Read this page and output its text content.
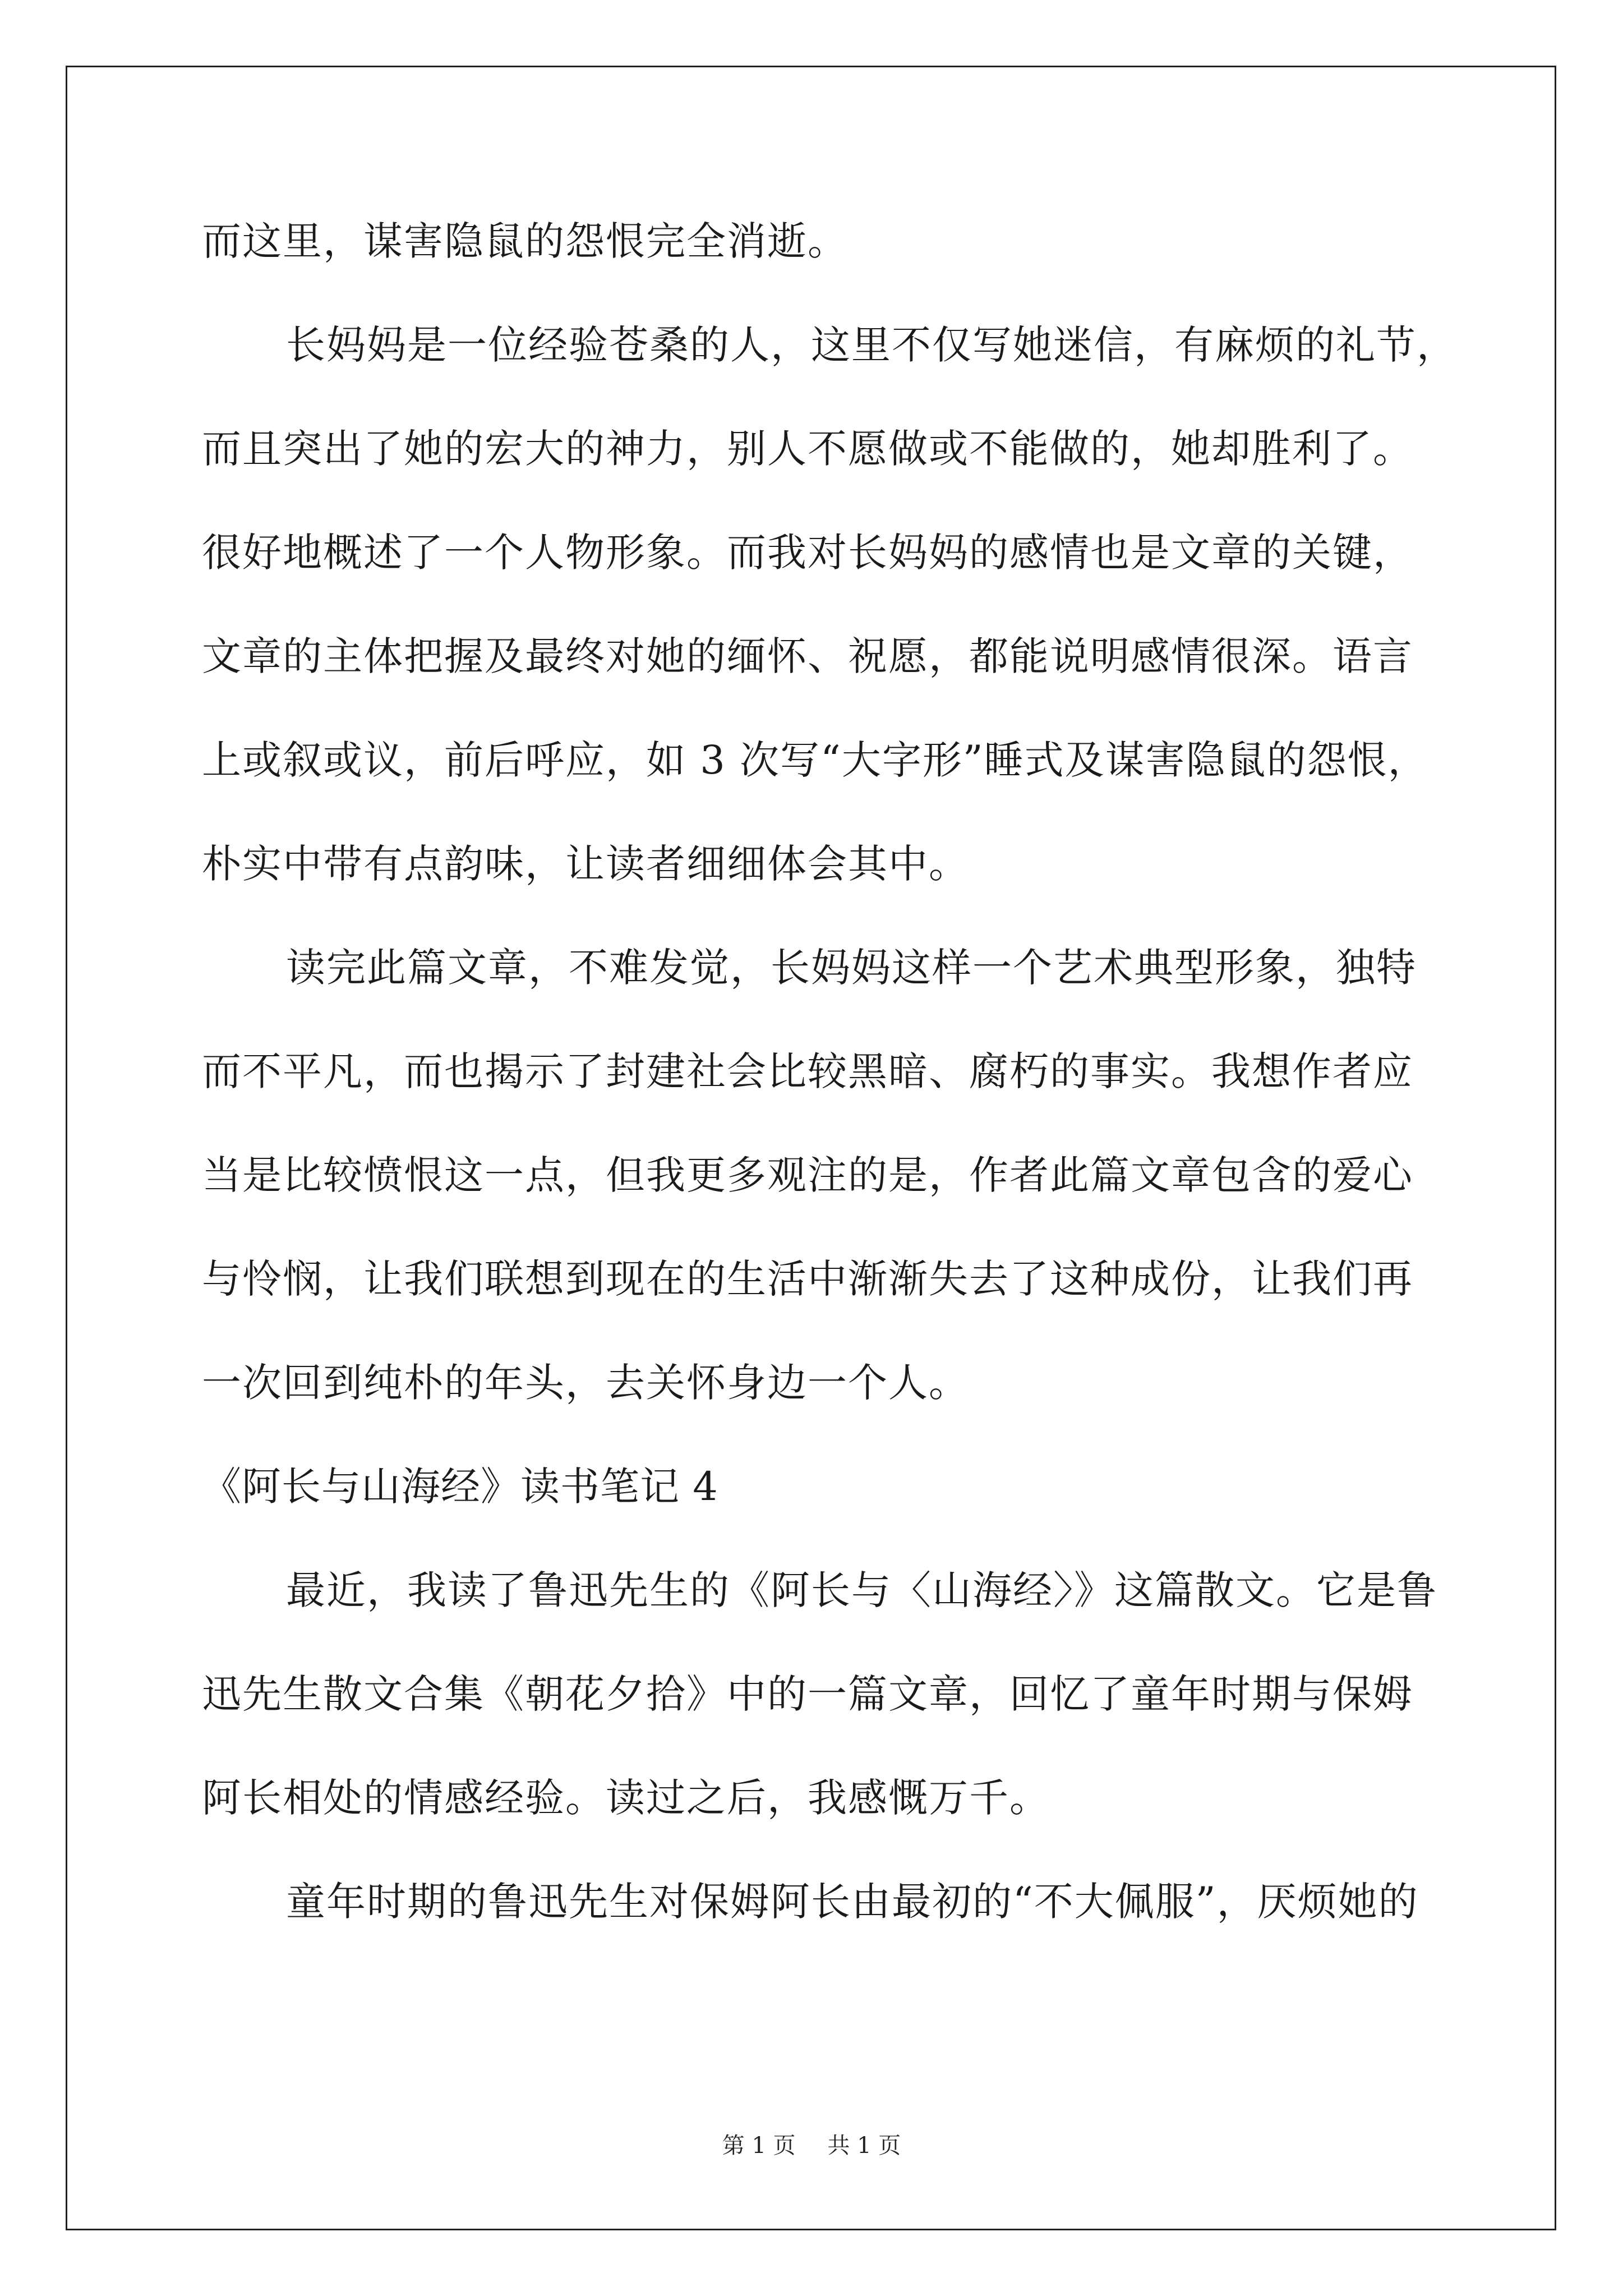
而这里，谋害隐鼠的怨恨完全消逝。
长妈妈是一位经验苍桑的人，这里不仅写她迷信，有麻烦的礼节，
而且突出了她的宏大的神力，别人不愿做或不能做的，她却胜利了。
很好地概述了一个人物形象。而我对长妈妈的感情也是文章的关键，
文章的主体把握及最终对她的缅怀、祝愿，都能说明感情很深。语言
上或叙或议，前后呼应，如 3 次写“大字形”睡式及谋害隐鼠的怨恨，
朴实中带有点韵味，让读者细细体会其中。
读完此篇文章，不难发觉，长妈妈这样一个艺术典型形象，独特
而不平凡，而也揭示了封建社会比较黑暗、腐朽的事实。我想作者应
当是比较愤恨这一点，但我更多观注的是，作者此篇文章包含的爱心
与怜悯，让我们联想到现在的生活中渐渐失去了这种成份，让我们再
一次回到纯朴的年头，去关怀身边一个人。
《阿长与山海经》读书笔记 4
最近，我读了鲁迅先生的《阿长与〈山海经〉》这篇散文。它是鲁
迅先生散文合集《朝花夕拾》中的一篇文章，回忆了童年时期与保姆
阿长相处的情感经验。读过之后，我感慨万千。
童年时期的鲁迅先生对保姆阿长由最初的“不大佩服”，厌烦她的
第 1 页 共 1 页
